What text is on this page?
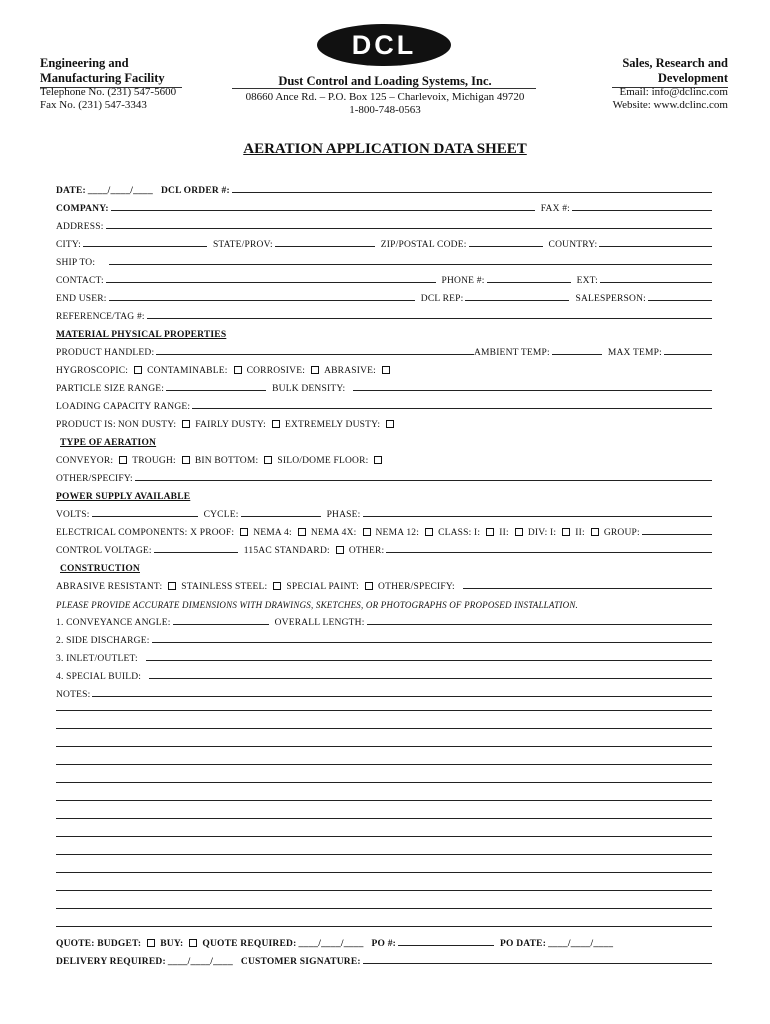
Engineering and
Manufacturing Facility
Telephone No. (231) 547-5600
Fax No. (231) 547-3343
DCL
Dust Control and Loading Systems, Inc.
08660 Ance Rd. – P.O. Box 125 – Charlevoix, Michigan 49720
1-800-748-0563
Sales, Research and
Development
Email: info@dclinc.com
Website: www.dclinc.com
AERATION APPLICATION DATA SHEET
DATE: ____/____/____ DCL ORDER #:
COMPANY:	FAX #:
ADDRESS:
CITY:	STATE/PROV:	ZIP/POSTAL CODE:	COUNTRY:
SHIP TO:
CONTACT:	PHONE #:	EXT:
END USER:	DCL REP:	SALESPERSON:
REFERENCE/TAG #:
MATERIAL PHYSICAL PROPERTIES
PRODUCT HANDLED:	AMBIENT TEMP:	MAX TEMP:
HYGROSCOPIC: CONTAMINABLE: CORROSIVE: ABRASIVE:
PARTICLE SIZE RANGE:	BULK DENSITY:
LOADING CAPACITY RANGE:
PRODUCT IS: NON DUSTY: FAIRLY DUSTY: EXTREMELY DUSTY:
TYPE OF AERATION
CONVEYOR: TROUGH: BIN BOTTOM: SILO/DOME FLOOR:
OTHER/SPECIFY:
POWER SUPPLY AVAILABLE
VOLTS:	CYCLE:	PHASE:
ELECTRICAL COMPONENTS: X PROOF: NEMA 4: NEMA 4X: NEMA 12: CLASS: I: II: DIV: I: II: GROUP:
CONTROL VOLTAGE:	115AC STANDARD: OTHER:
CONSTRUCTION
ABRASIVE RESISTANT: STAINLESS STEEL: SPECIAL PAINT: OTHER/SPECIFY:
PLEASE PROVIDE ACCURATE DIMENSIONS WITH DRAWINGS, SKETCHES, OR PHOTOGRAPHS OF PROPOSED INSTALLATION.
1. CONVEYANCE ANGLE:	OVERALL LENGTH:
2. SIDE DISCHARGE:
3. INLET/OUTLET:
4. SPECIAL BUILD:
NOTES:
QUOTE: BUDGET: BUY: QUOTE REQUIRED: ____/____/____ PO #:	PO DATE: ____/____/____
DELIVERY REQUIRED: ____/____/____ CUSTOMER SIGNATURE:
